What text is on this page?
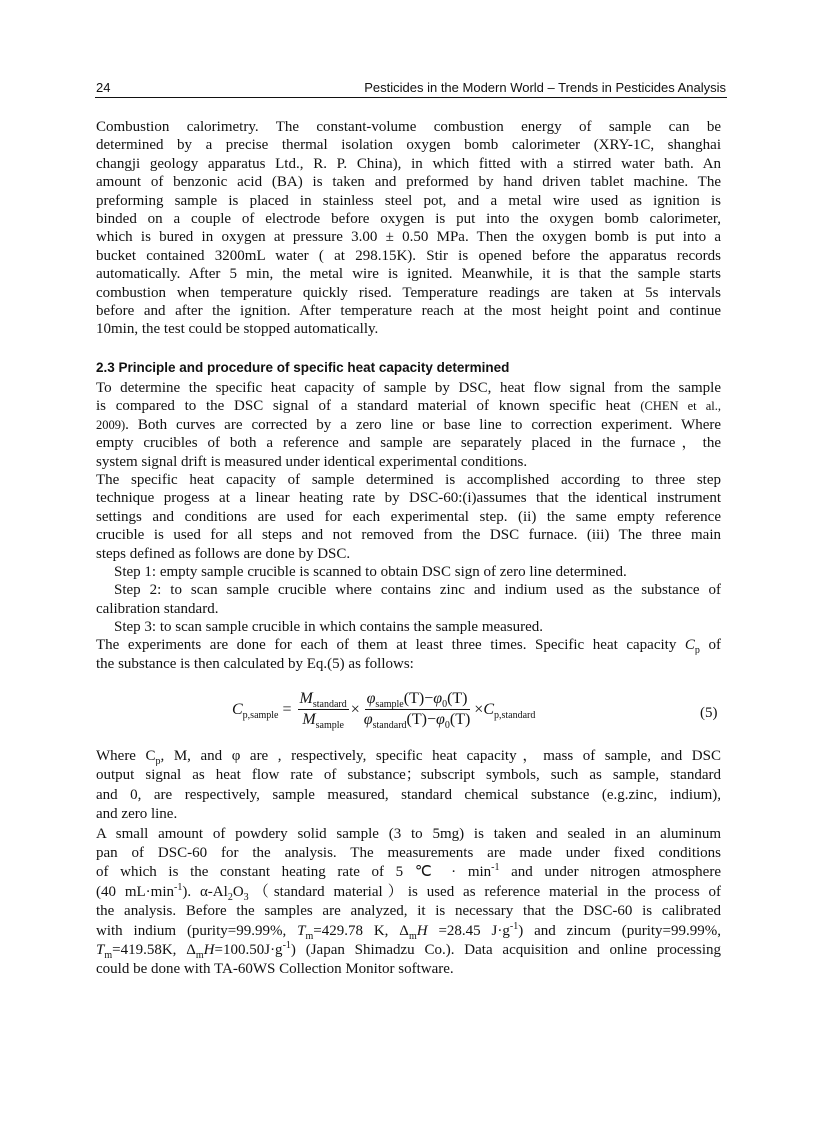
24	Pesticides in the Modern World – Trends in Pesticides Analysis
Combustion calorimetry. The constant-volume combustion energy of sample can be
determined by a precise thermal isolation oxygen bomb calorimeter (XRY-1C, shanghai
changji geology apparatus Ltd., R. P. China), in which fitted with a stirred water bath. An
amount of benzonic acid (BA) is taken and preformed by hand driven tablet machine. The
preforming sample is placed in stainless steel pot, and a metal wire used as ignition is
binded on a couple of electrode before oxygen is put into the oxygen bomb calorimeter,
which is bured in oxygen at pressure 3.00 ± 0.50 MPa. Then the oxygen bomb is put into a
bucket contained 3200mL water ( at 298.15K). Stir is opened before the apparatus records
automatically. After 5 min, the metal wire is ignited. Meanwhile, it is that the sample starts
combustion when temperature quickly rised. Temperature readings are taken at 5s intervals
before and after the ignition. After temperature reach at the most height point and continue
10min, the test could be stopped automatically.
2.3 Principle and procedure of specific heat capacity determined
To determine the specific heat capacity of sample by DSC, heat flow signal from the sample
is compared to the DSC signal of a standard material of known specific heat (CHEN et al.,
2009). Both curves are corrected by a zero line or base line to correction experiment. Where
empty crucibles of both a reference and sample are separately placed in the furnace，the
system signal drift is measured under identical experimental conditions.
The specific heat capacity of sample determined is accomplished according to three step
technique progess at a linear heating rate by DSC-60:(i)assumes that the identical instrument
settings and conditions are used for each experimental step. (ii) the same empty reference
crucible is used for all steps and not removed from the DSC furnace. (iii) The three main
steps defined as follows are done by DSC.
Step 1: empty sample crucible is scanned to obtain DSC sign of zero line determined.
Step 2: to scan sample crucible where contains zinc and indium used as the substance of
calibration standard.
Step 3: to scan sample crucible in which contains the sample measured.
The experiments are done for each of them at least three times. Specific heat capacity $C_p$ of
the substance is then calculated by Eq.(5) as follows:
$C_{p,sample} = \frac{M_{standard}}{M_{sample}} \times \frac{\varphi_{sample}(T)-\varphi_0(T)}{\varphi_{standard}(T)-\varphi_0(T)} \times C_{p,standard}$	(5)
Where $C_p$, M, and φ are , respectively, specific heat capacity，mass of sample, and DSC
output signal as heat flow rate of substance；subscript symbols, such as sample, standard
and 0, are respectively, sample measured, standard chemical substance (e.g.zinc, indium),
and zero line.
A small amount of powdery solid sample (3 to 5mg) is taken and sealed in an aluminum
pan of DSC-60 for the analysis. The measurements are made under fixed conditions
of which is the constant heating rate of 5 ℃ · $\min^{-1}$ and under nitrogen atmosphere
(40 $mL\cdot\min^{-1}$). $\alpha-Al_2O_3(standard$ material）is used as reference material in the process of
the analysis. Before the samples are analyzed, it is necessary that the DSC-60 is calibrated
with indium (purity=99.99%, $T_m=429.78$ K, $\Delta_mH =28.45$ $J\cdot g^{-1}$) and zincum (purity=99.99%,
$T_m=419.58K$, $\Delta_mH=100.50J\cdot g^{-1}$) (Japan Shimadzu Co.). Data acquisition and online processing
could be done with TA-60WS Collection Monitor software.
